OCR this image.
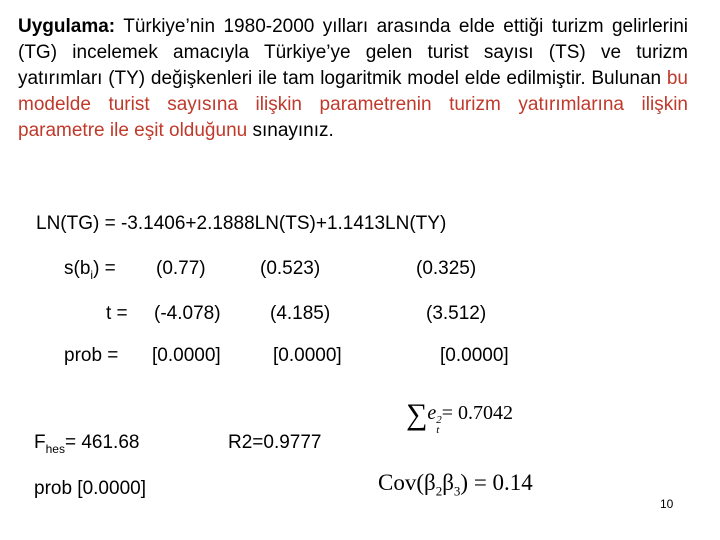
Uygulama: Türkiye’nin 1980-2000 yılları arasında elde ettiği turizm gelirlerini (TG) incelemek amacıyla Türkiye’ye gelen turist sayısı (TS) ve turizm yatırımları (TY) değişkenleri ile tam logaritmik model elde edilmiştir. Bulunan bu modelde turist sayısına ilişkin parametrenin turizm yatırımlarına ilişkin parametre ile eşit olduğunu sınayınız.
LN(TG) = -3.1406+2.1888LN(TS)+1.1413LN(TY)
$s(b_i) = (0.77)$	(0.523)	(0.325)
t = (-4.078)	(4.185)	(3.512)
prob = [0.0000]	[0.0000]	[0.0000]
$F_{hes}= 461.68$	R2=0.9777
prob [0.0000]
∑e 2
t
= 0.7042
$Cov(\beta_2\beta_3) = 0.14$
10
